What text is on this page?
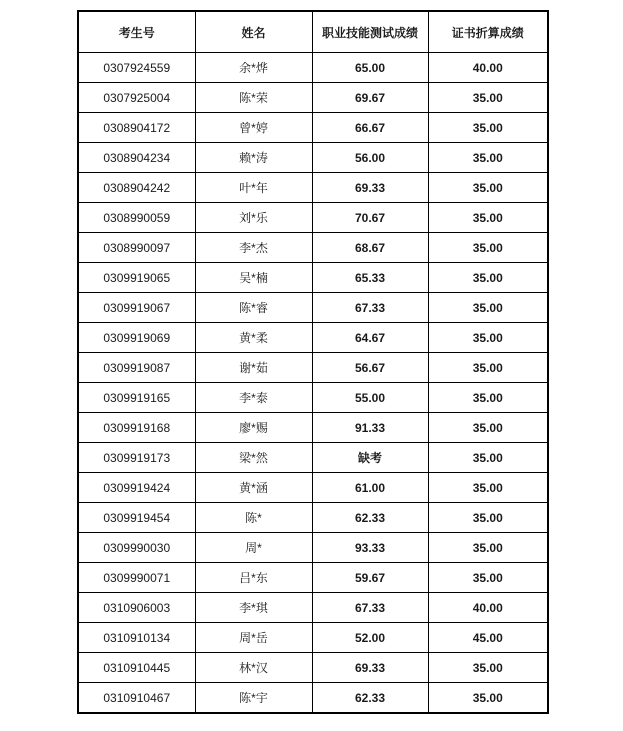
考生号	姓名	职业技能测试成绩	证书折算成绩
0307924559	余*烨	65.00	40.00
0307925004	陈*荣	69.67	35.00
0308904172	曾*婷	66.67	35.00
0308904234	赖*涛	56.00	35.00
0308904242	叶*年	69.33	35.00
0308990059	刘*乐	70.67	35.00
0308990097	李*杰	68.67	35.00
0309919065	吴*楠	65.33	35.00
0309919067	陈*睿	67.33	35.00
0309919069	黄*柔	64.67	35.00
0309919087	谢*茹	56.67	35.00
0309919165	李*泰	55.00	35.00
0309919168	廖*赐	91.33	35.00
0309919173	梁*然	缺考	35.00
0309919424	黄*涵	61.00	35.00
0309919454	陈*	62.33	35.00
0309990030	周*	93.33	35.00
0309990071	吕*东	59.67	35.00
0310906003	李*琪	67.33	40.00
0310910134	周*岳	52.00	45.00
0310910445	林*汉	69.33	35.00
0310910467	陈*宇	62.33	35.00
